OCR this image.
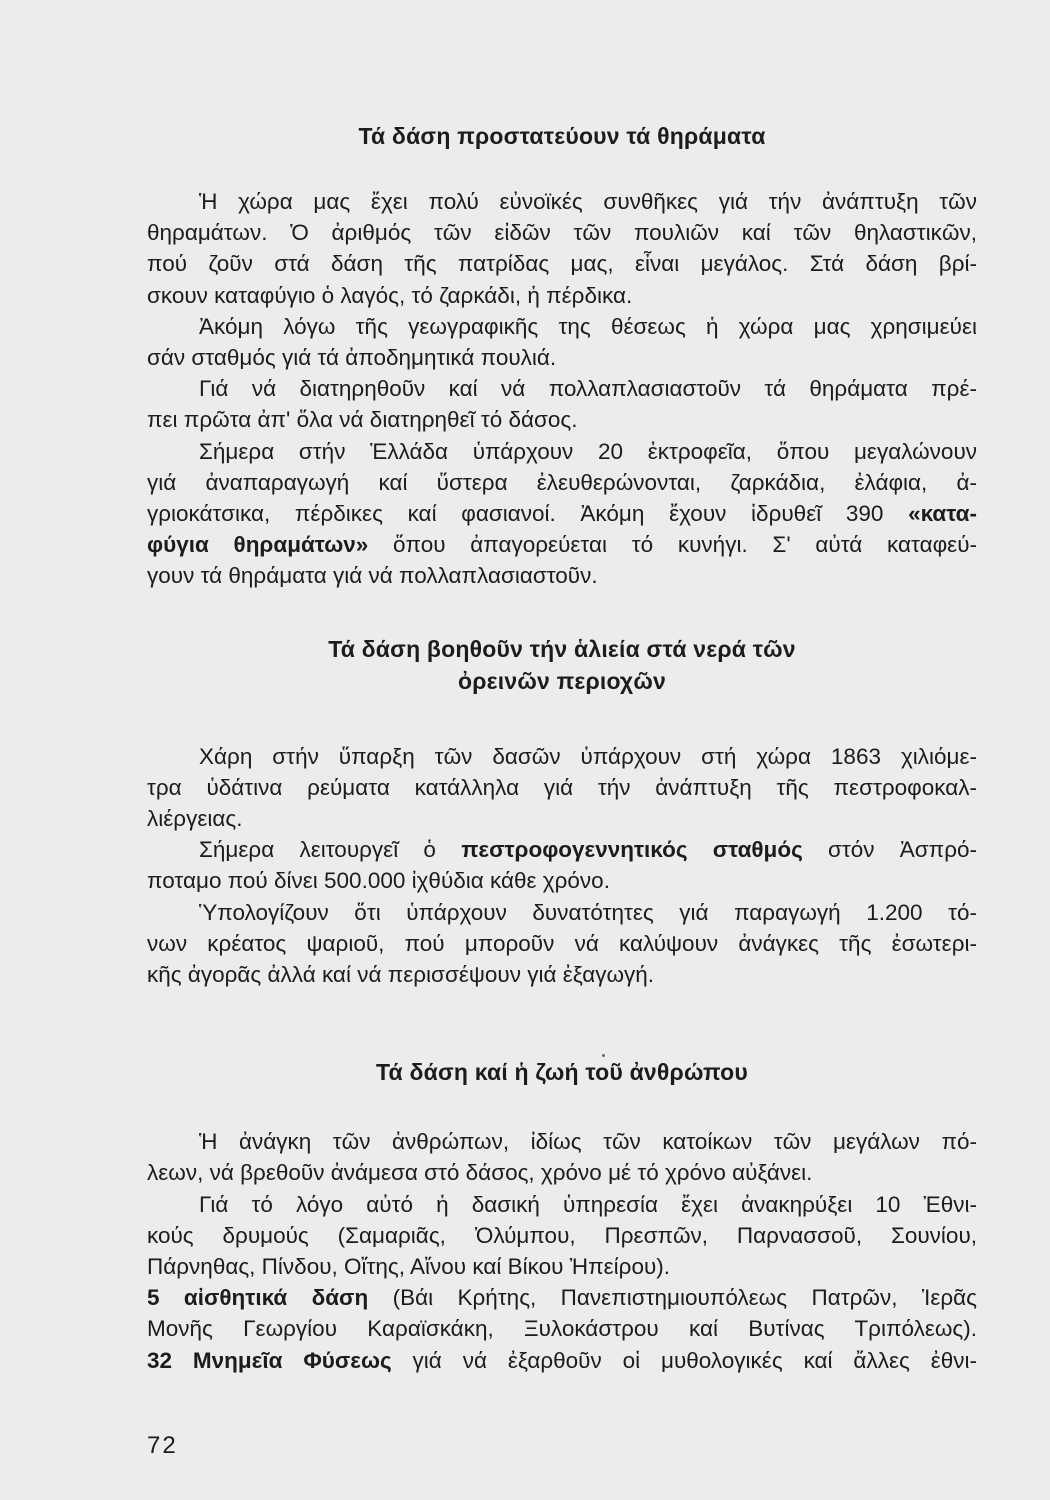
Τά δάση προστατεύουν τά θηράματα

Ἡ χώρα μας ἔχει πολύ εὐνοϊκές συνθῆκες γιά τήν ἀνάπτυξη τῶν
θηραμάτων. Ὁ ἀριθμός τῶν εἰδῶν τῶν πουλιῶν καί τῶν θηλαστικῶν,
πού ζοῦν στά δάση τῆς πατρίδας μας, εἶναι μεγάλος. Στά δάση βρί-
σκουν καταφύγιο ὁ λαγός, τό ζαρκάδι, ἡ πέρδικα.

Ἀκόμη λόγω τῆς γεωγραφικῆς της θέσεως ἡ χώρα μας χρησιμεύει
σάν σταθμός γιά τά ἀποδημητικά πουλιά.

Γιά νά διατηρηθοῦν καί νά πολλαπλασιαστοῦν τά θηράματα πρέ-
πει πρῶτα ἀπ' ὅλα νά διατηρηθεῖ τό δάσος.

Σήμερα στήν Ἑλλάδα ὑπάρχουν 20 ἐκτροφεῖα, ὅπου μεγαλώνουν
γιά ἀναπαραγωγή καί ὕστερα ἐλευθερώνονται, ζαρκάδια, ἐλάφια, ἀ-
γριοκάτσικα, πέρδικες καί φασιανοί. Ἀκόμη ἔχουν ἱδρυθεῖ 390 «κατα-
φύγια θηραμάτων» ὅπου ἀπαγορεύεται τό κυνήγι. Σ' αὐτά καταφεύ-
γουν τά θηράματα γιά νά πολλαπλασιαστοῦν.

Τά δάση βοηθοῦν τήν ἁλιεία στά νερά τῶν
ὀρεινῶν περιοχῶν

Χάρη στήν ὕπαρξη τῶν δασῶν ὑπάρχουν στή χώρα 1863 χιλιόμε-
τρα ὑδάτινα ρεύματα κατάλληλα γιά τήν ἀνάπτυξη τῆς πεστροφοκαλ-
λιέργειας.

Σήμερα λειτουργεῖ ὁ πεστροφογεννητικός σταθμός στόν Ἀσπρό-
ποταμο πού δίνει 500.000 ἰχθύδια κάθε χρόνο.

Ὑπολογίζουν ὅτι ὑπάρχουν δυνατότητες γιά παραγωγή 1.200 τό-
νων κρέατος ψαριοῦ, πού μποροῦν νά καλύψουν ἀνάγκες τῆς ἐσωτερι-
κῆς ἀγορᾶς ἀλλά καί νά περισσέψουν γιά ἐξαγωγή.

Τά δάση καί ἡ ζωή τοῦ ἀνθρώπου

Ἡ ἀνάγκη τῶν ἀνθρώπων, ἰδίως τῶν κατοίκων τῶν μεγάλων πό-
λεων, νά βρεθοῦν ἀνάμεσα στό δάσος, χρόνο μέ τό χρόνο αὐξάνει.

Γιά τό λόγο αὐτό ἡ δασική ὑπηρεσία ἔχει ἀνακηρύξει 10 Ἐθνι-
κούς δρυμούς (Σαμαριᾶς, Ὀλύμπου, Πρεσπῶν, Παρνασσοῦ, Σουνίου,
Πάρνηθας, Πίνδου, Οἴτης, Αἴνου καί Βίκου Ἠπείρου).

5 αἰσθητικά δάση (Βάι Κρήτης, Πανεπιστημιουπόλεως Πατρῶν, Ἱερᾶς
Μονῆς Γεωργίου Καραϊσκάκη, Ξυλοκάστρου καί Βυτίνας Τριπόλεως).

32 Μνημεῖα Φύσεως γιά νά ἐξαρθοῦν οἱ μυθολογικές καί ἄλλες ἐθνι-

72
